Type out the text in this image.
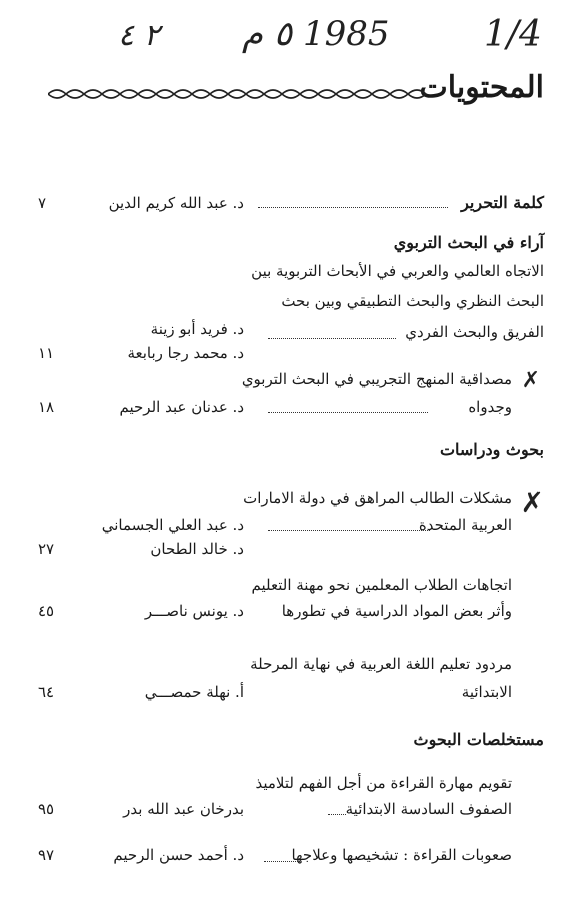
٢ ٤ 1985 ٥ م	1/4
المحتويات
كلمة التحرير
د. عبد الله كريم الدين
٧
آراء في البحث التربوي
الاتجاه العالمي والعربي في الأبحاث التربوية بين
البحث النظري والبحث التطبيقي وبين بحث
الفريق والبحث الفردي
د. فريد أبو زينة
د. محمد رجا ربابعة
١١
✗
مصداقية المنهج التجريبي في البحث التربوي
وجدواه
د. عدنان عبد الرحيم
١٨
بحوث ودراسات
✗
مشكلات الطالب المراهق في دولة الامارات
العربية المتحدة
د. عبد العلي الجسماني
د. خالد الطحان
٢٧
اتجاهات الطلاب المعلمين نحو مهنة التعليم
وأثر بعض المواد الدراسية في تطورها
د. يونس ناصـــر
٤٥
مردود تعليم اللغة العربية في نهاية المرحلة
الابتدائية
أ. نهلة حمصـــي
٦٤
مستخلصات البحوث
تقويم مهارة القراءة من أجل الفهم لتلاميذ
الصفوف السادسة الابتدائية
بدرخان عبد الله بدر
٩٥
صعوبات القراءة : تشخيصها وعلاجها
د. أحمد حسن الرحيم
٩٧
